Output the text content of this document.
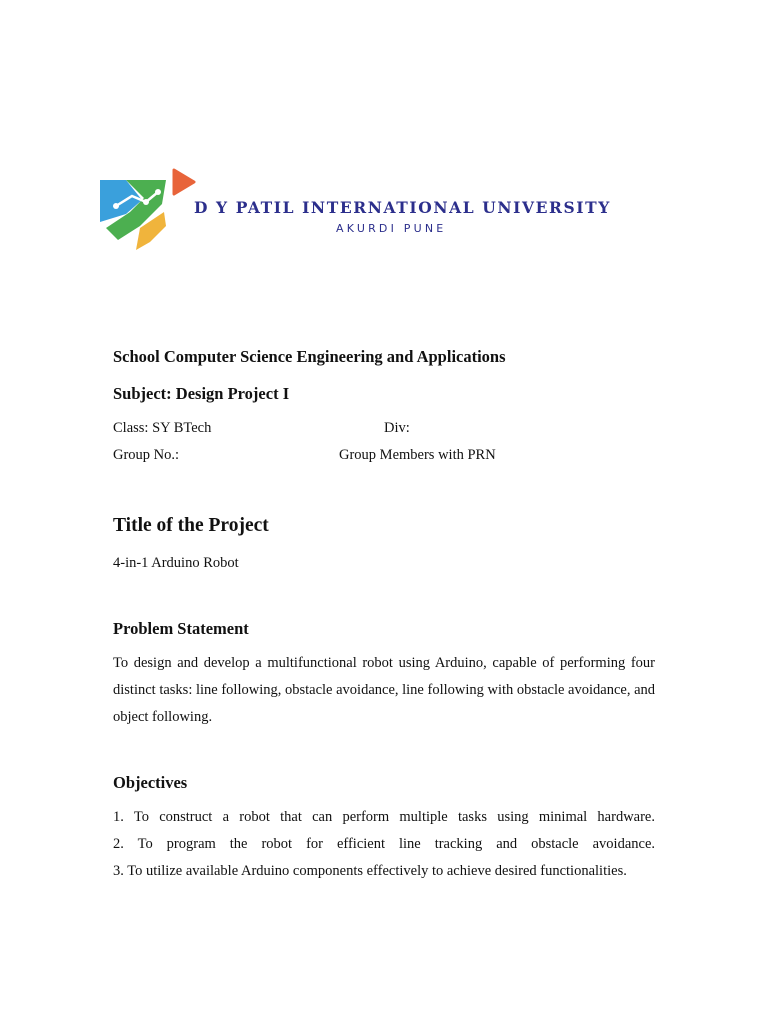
D Y PATIL INTERNATIONAL UNIVERSITY
AKURDI PUNE
School Computer Science Engineering and Applications
Subject: Design Project I
Class: SY BTech	Div:
Group No.:	Group Members with PRN
Title of the Project
4-in-1 Arduino Robot
Problem Statement

To design and develop a multifunctional robot using Arduino, capable of performing four distinct tasks: line following, obstacle avoidance, line following with obstacle avoidance, and object following.

Objectives
1. To construct a robot that can perform multiple tasks using minimal hardware.
2. To program the robot for efficient line tracking and obstacle avoidance.
3. To utilize available Arduino components effectively to achieve desired functionalities.
